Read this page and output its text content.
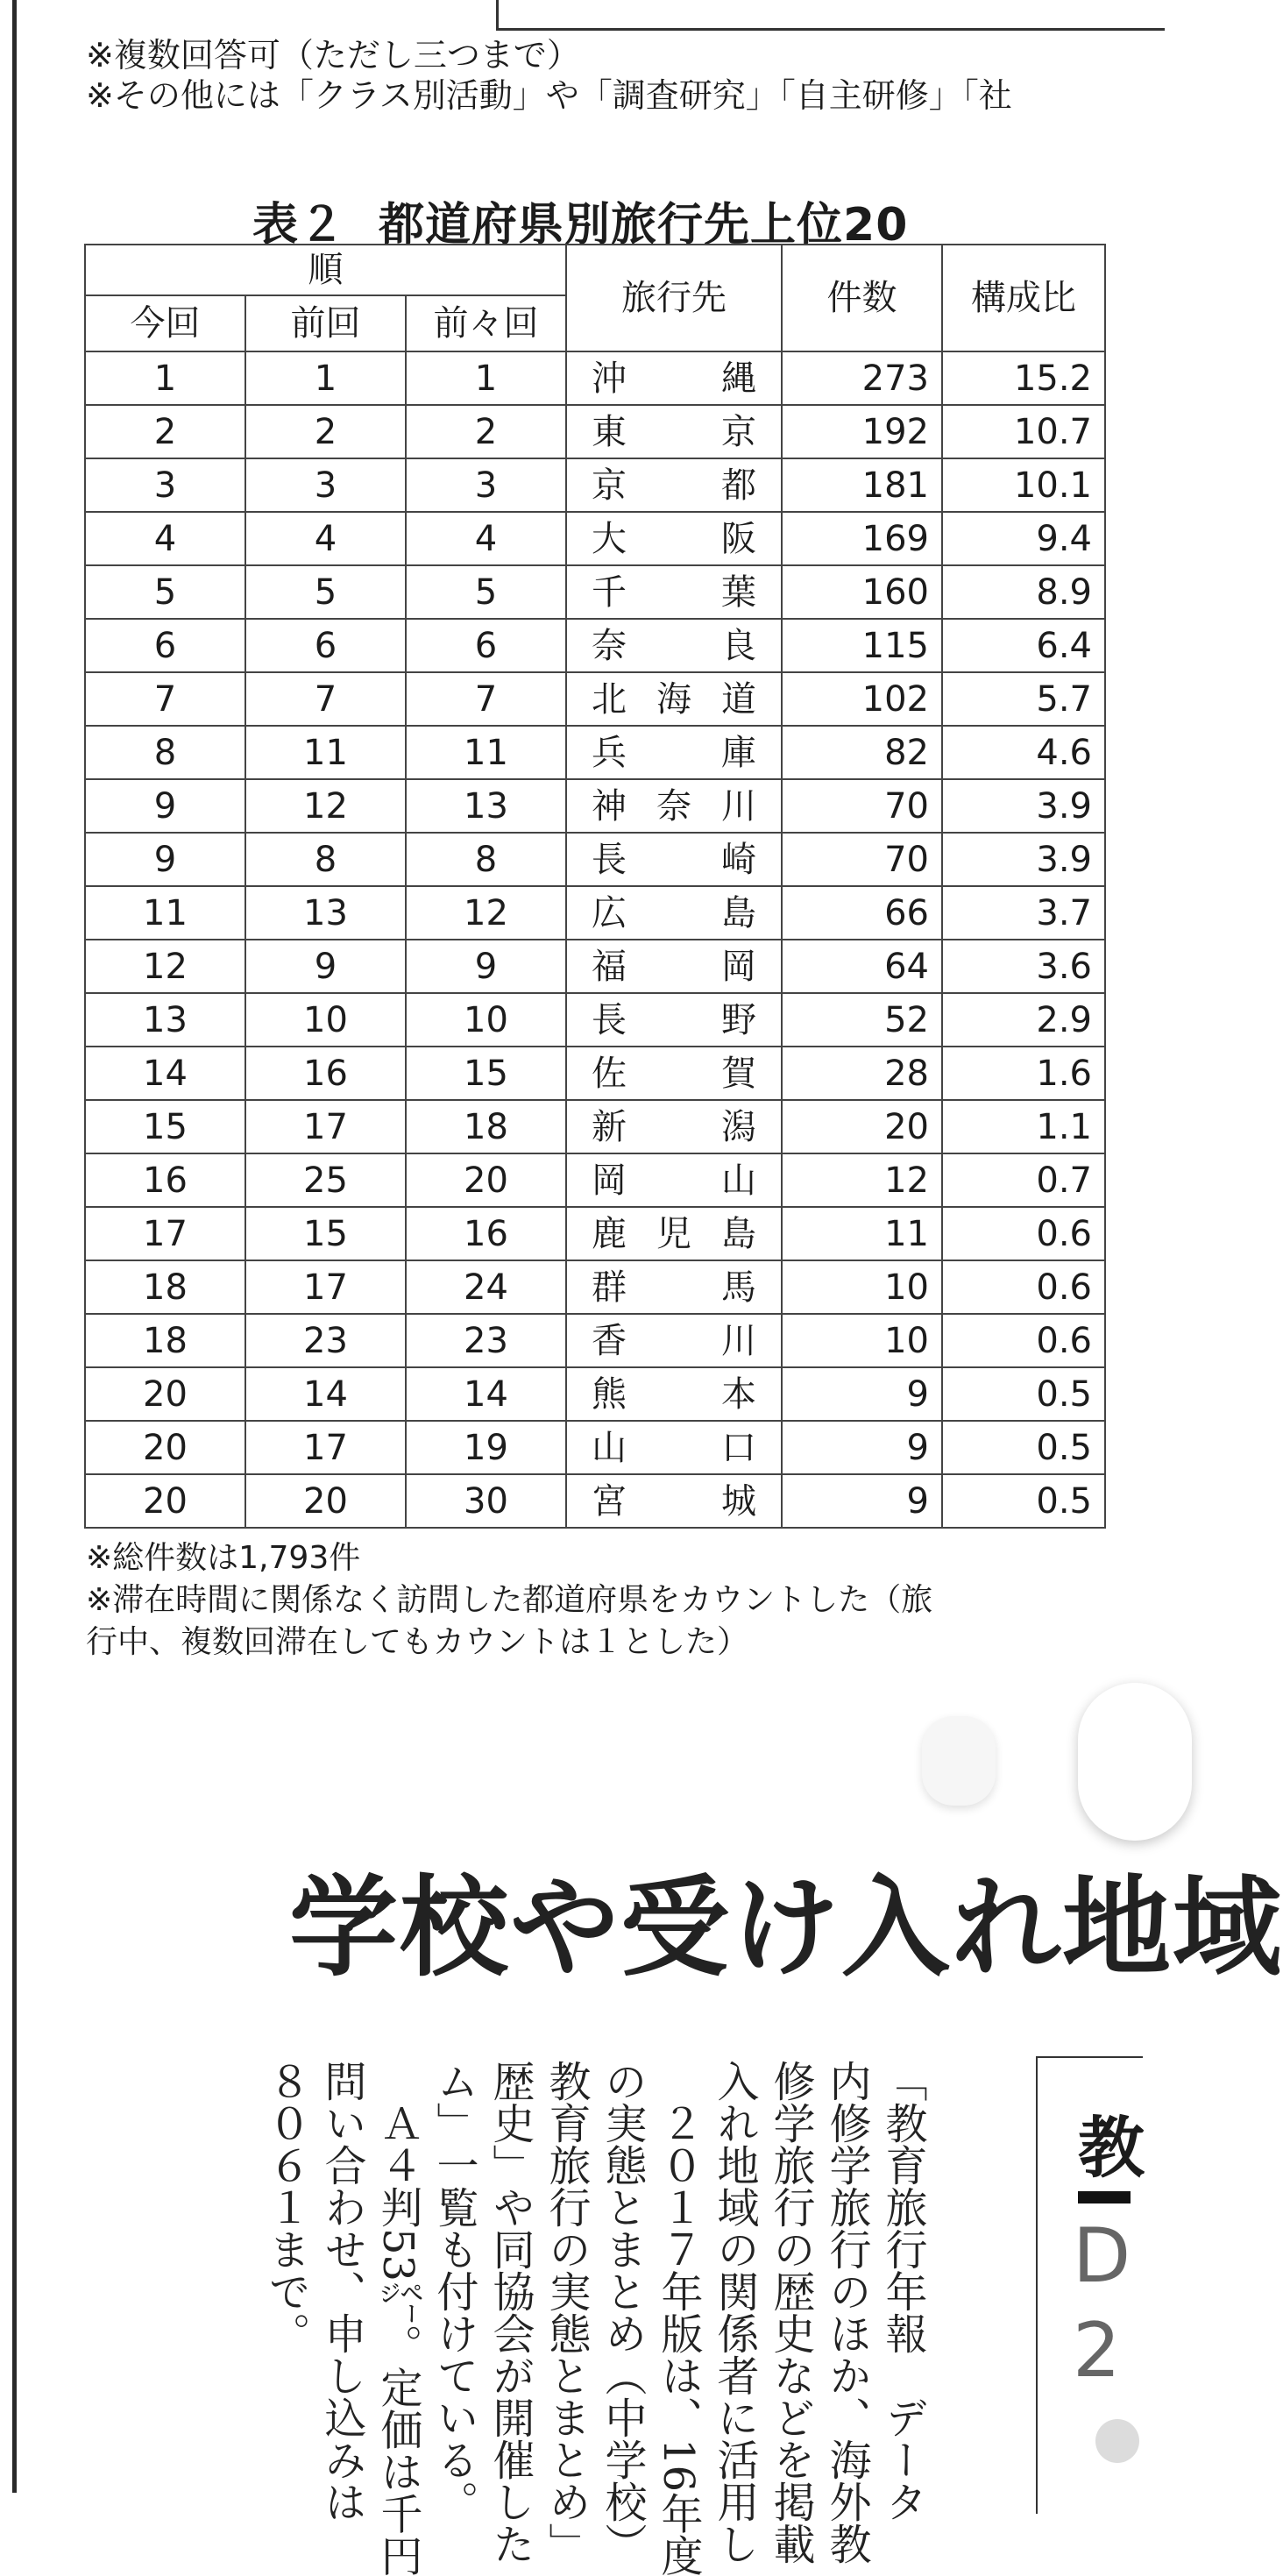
※複数回答可（ただし三つまで）
※その他には「クラス別活動」や「調査研究」「自主研修」「社
表２ 都道府県別旅行先上位20
順			旅行先	件数	構成比
今回	前回	前々回			
1	1	1	沖 縄	273	15.2
2	2	2	東 京	192	10.7
3	3	3	京 都	181	10.1
4	4	4	大 阪	169	9.4
5	5	5	千 葉	160	8.9
6	6	6	奈 良	115	6.4
7	7	7	北 海 道	102	5.7
8	11	11	兵 庫	82	4.6
9	12	13	神 奈 川	70	3.9
9	8	8	長 崎	70	3.9
11	13	12	広 島	66	3.7
12	9	9	福 岡	64	3.6
13	10	10	長 野	52	2.9
14	16	15	佐 賀	28	1.6
15	17	18	新 潟	20	1.1
16	25	20	岡 山	12	0.7
17	15	16	鹿 児 島	11	0.6
18	17	24	群 馬	10	0.6
18	23	23	香 川	10	0.6
20	14	14	熊 本	9	0.5
20	17	19	山 口	9	0.5
20	20	30	宮 城	9	0.5
※総件数は1,793件
※滞在時間に関係なく訪問した都道府県をカウントした（旅
行中、複数回滞在してもカウントは１とした）
学校や受け入れ地域

「教育旅行年報　データ

内修学旅行のほか、海外教

修学旅行の歴史などを掲載

入れ地域の関係者に活用し

　２０１７年版は、16年度

の実態とまとめ（中学校）

教育旅行の実態とまとめ」

歴史」や同協会が開催した

ム」一覧も付けている。

　Ａ４判53㌻。定価は千円

問い合わせ、申し込みは

８０６１まで。	教
D
2
